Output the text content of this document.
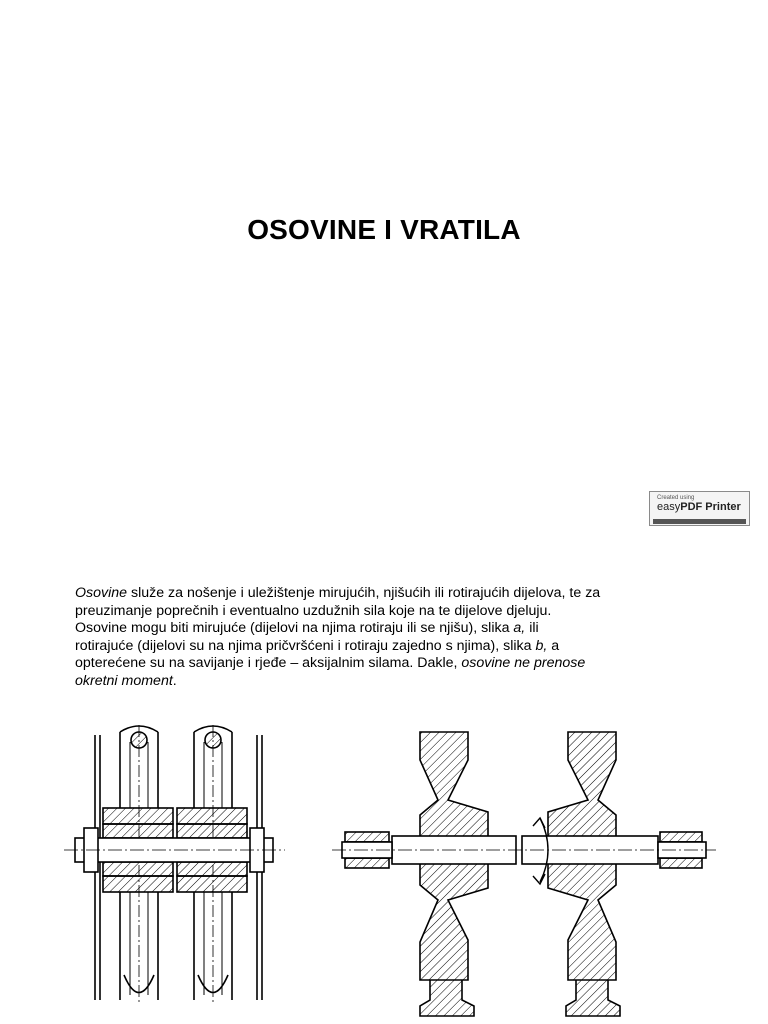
OSOVINE I VRATILA
Created using
easyPDF Printer

Osovine služe za nošenje i uležištenje mirujućih, njišućih ili rotirajućih dijelova, te za

preuzimanje poprečnih i eventualno uzdužnih sila koje na te dijelove djeluju.

Osovine mogu biti mirujuće (dijelovi na njima rotiraju ili se njišu), slika a, ili

rotirajuće (dijelovi su na njima pričvršćeni i rotiraju zajedno s njima), slika b, a

opterećene su na savijanje i rjeđe – aksijalnim silama. Dakle, osovine ne prenose

okretni moment.
